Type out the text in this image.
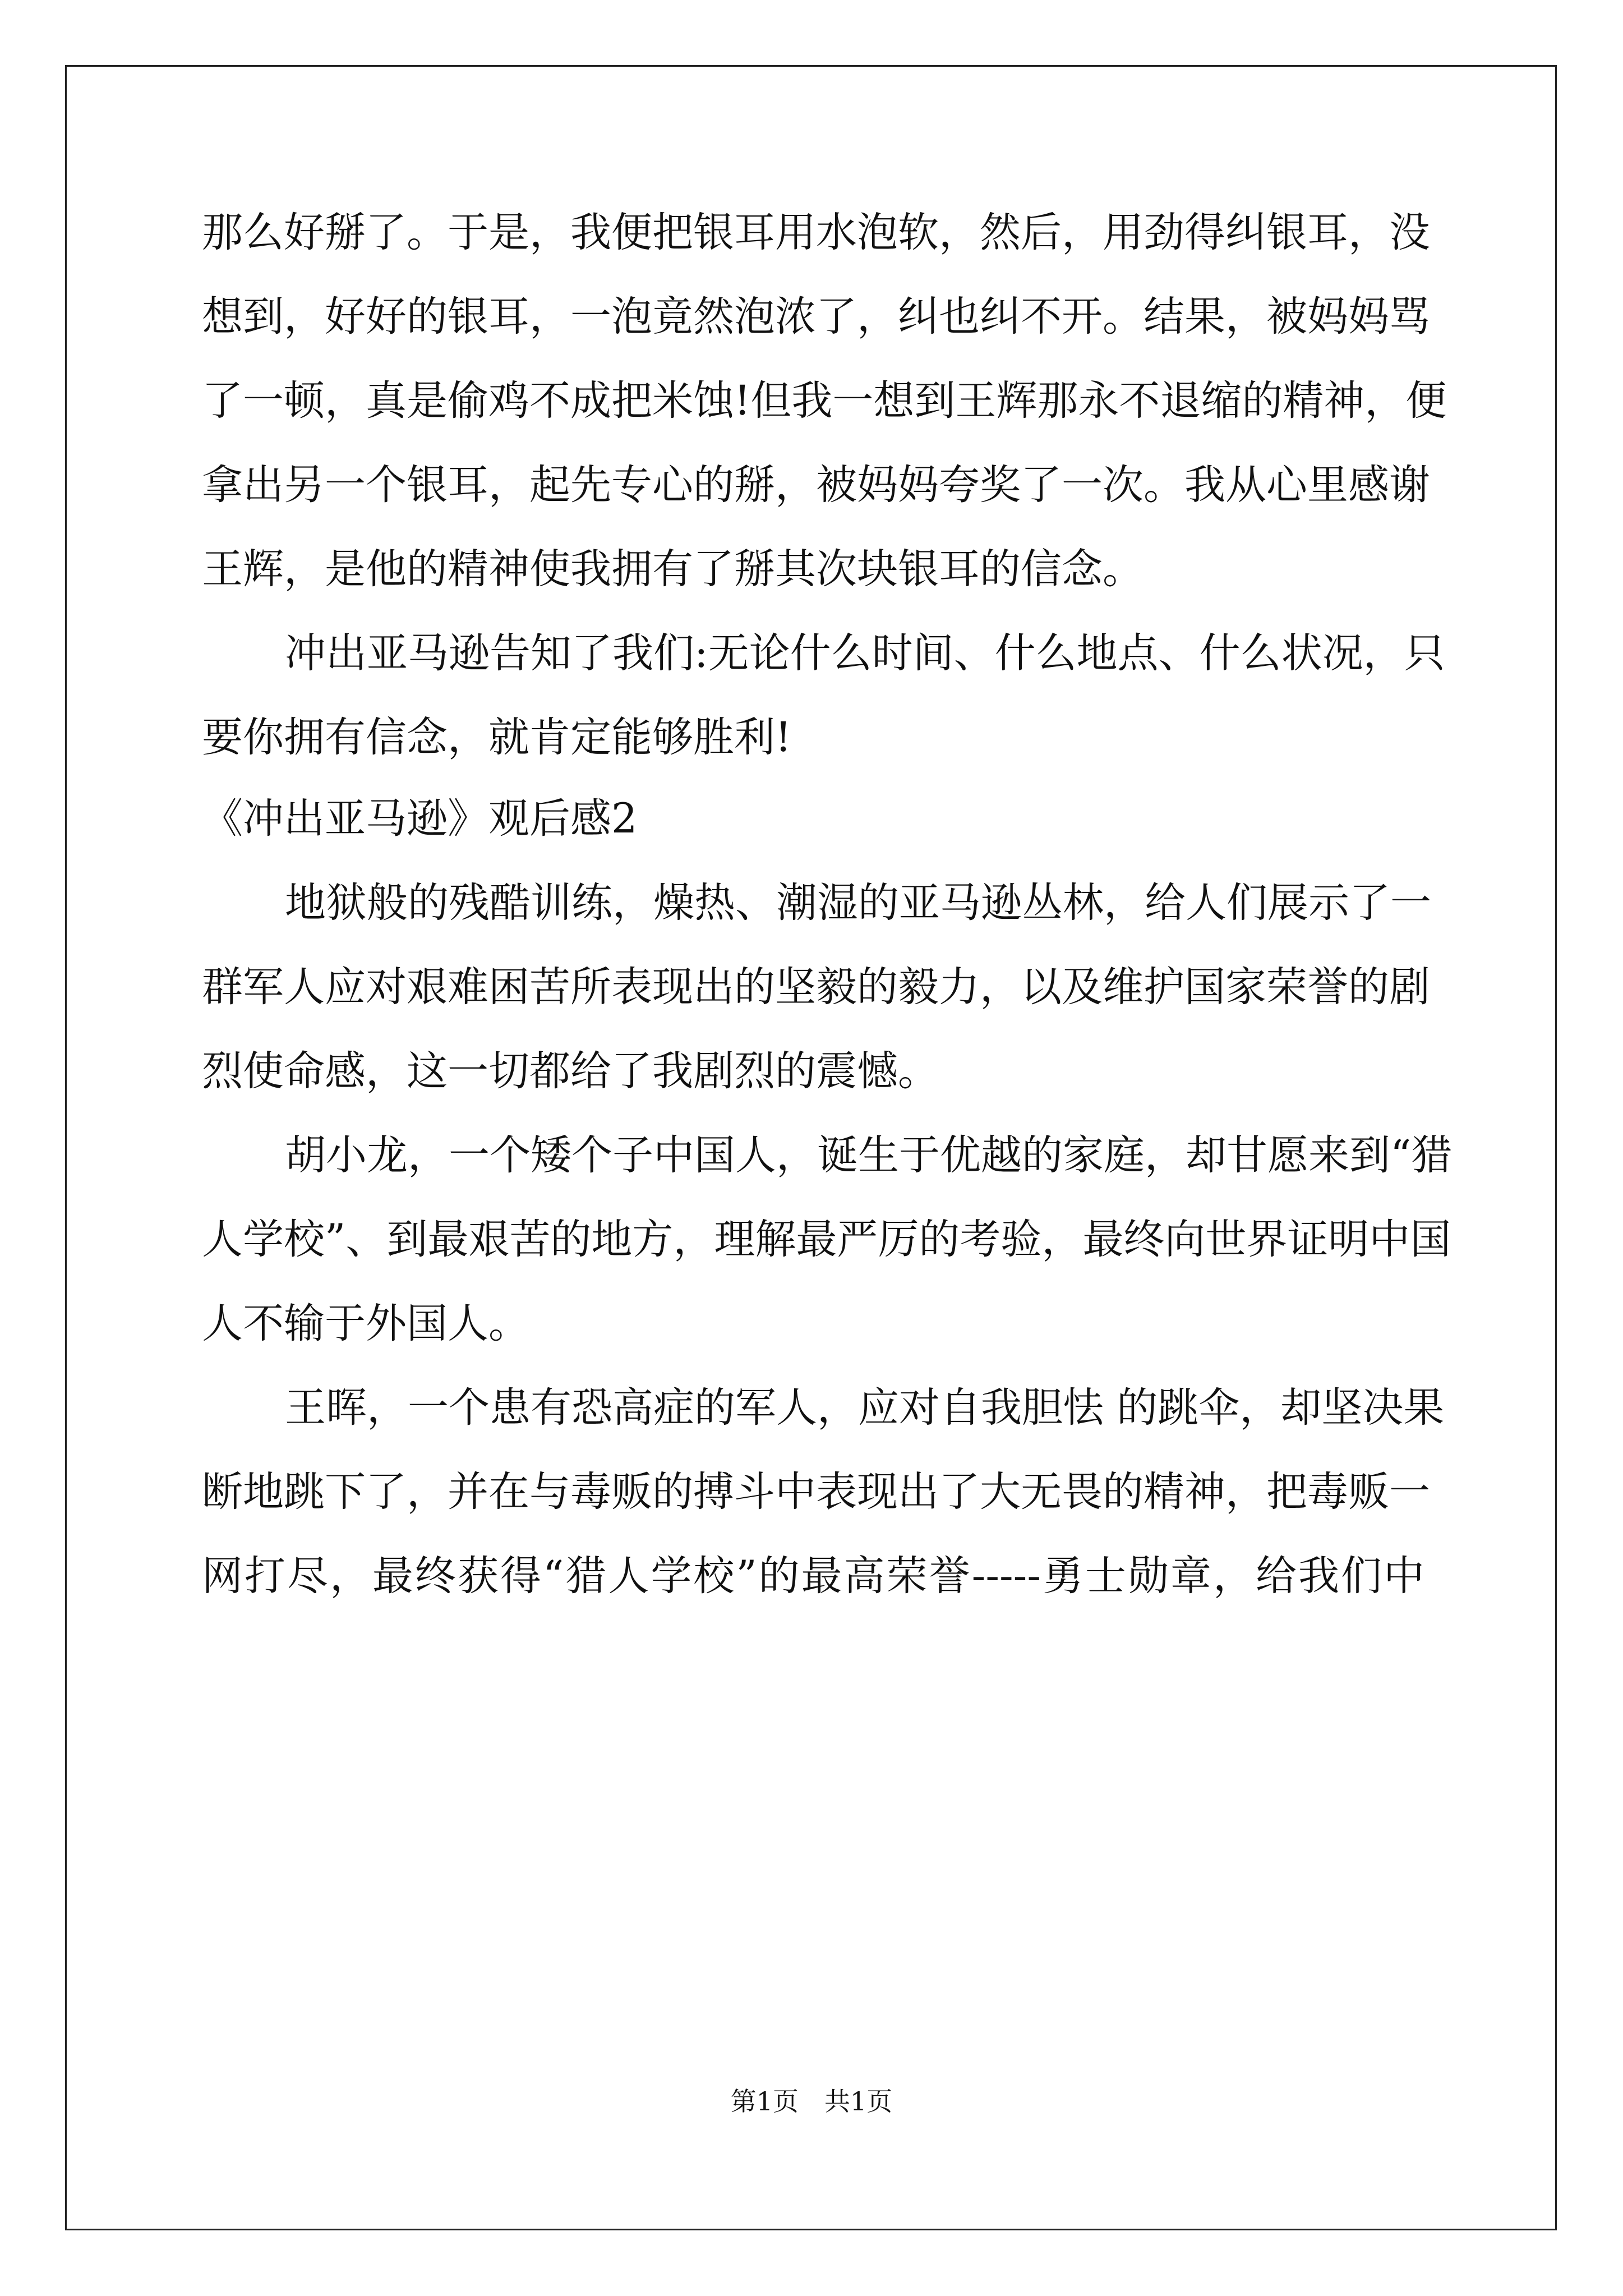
那么好掰了。于是，我便把银耳用水泡软，然后，用劲得纠银耳，没
想到，好好的银耳，一泡竟然泡浓了，纠也纠不开。结果，被妈妈骂
了一顿，真是偷鸡不成把米蚀!但我一想到王辉那永不退缩的精神，便
拿出另一个银耳，起先专心的掰，被妈妈夸奖了一次。我从心里感谢
王辉，是他的精神使我拥有了掰其次块银耳的信念。
冲出亚马逊告知了我们:无论什么时间、什么地点、什么状况，只
要你拥有信念，就肯定能够胜利!
《冲出亚马逊》观后感2
地狱般的残酷训练，燥热、潮湿的亚马逊丛林，给人们展示了一
群军人应对艰难困苦所表现出的坚毅的毅力，以及维护国家荣誉的剧
烈使命感，这一切都给了我剧烈的震憾。
胡小龙，一个矮个子中国人，诞生于优越的家庭，却甘愿来到“猎
人学校”、到最艰苦的地方，理解最严厉的考验，最终向世界证明中国
人不输于外国人。
王晖，一个患有恐高症的军人，应对自我胆怯 的跳伞，却坚决果
断地跳下了，并在与毒贩的搏斗中表现出了大无畏的精神，把毒贩一
网打尽，最终获得“猎人学校”的最高荣誉-----勇士勋章，给我们中
第1页　共1页
